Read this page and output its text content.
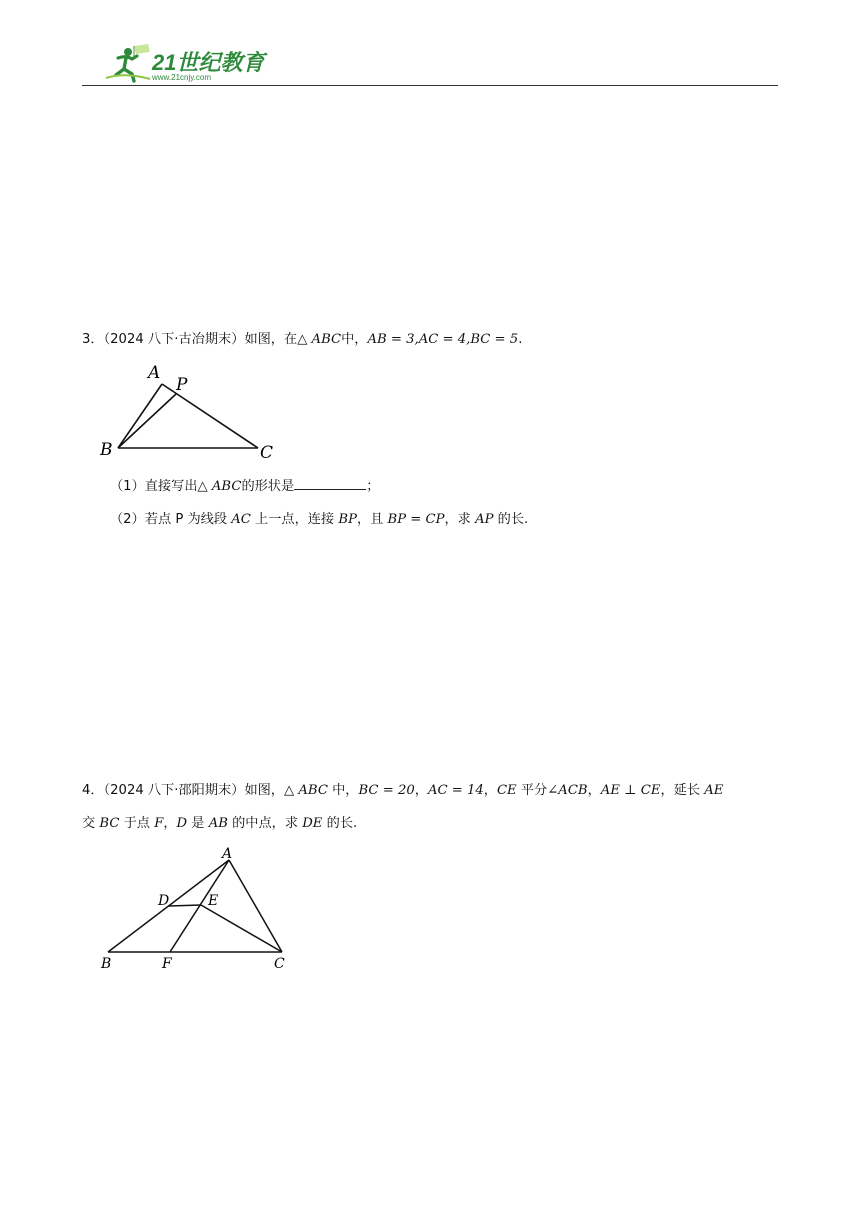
21世纪教育
www.21cnjy.com
3．（2024 八下·古冶期末）如图，在△ ABC中，AB = 3,AC = 4,BC = 5.
A
P
B	C
（1）直接写出△ ABC的形状是	；
（2）若点 P 为线段 AC 上一点，连接 BP，且 BP = CP，求 AP 的长.
4．（2024 八下·邵阳期末）如图，△ ABC 中，BC = 20，AC = 14，CE 平分∠ACB，AE ⊥ CE，延长 AE
交 BC 于点 F，D 是 AB 的中点，求 DE 的长.
A
D	E
B	F	C
